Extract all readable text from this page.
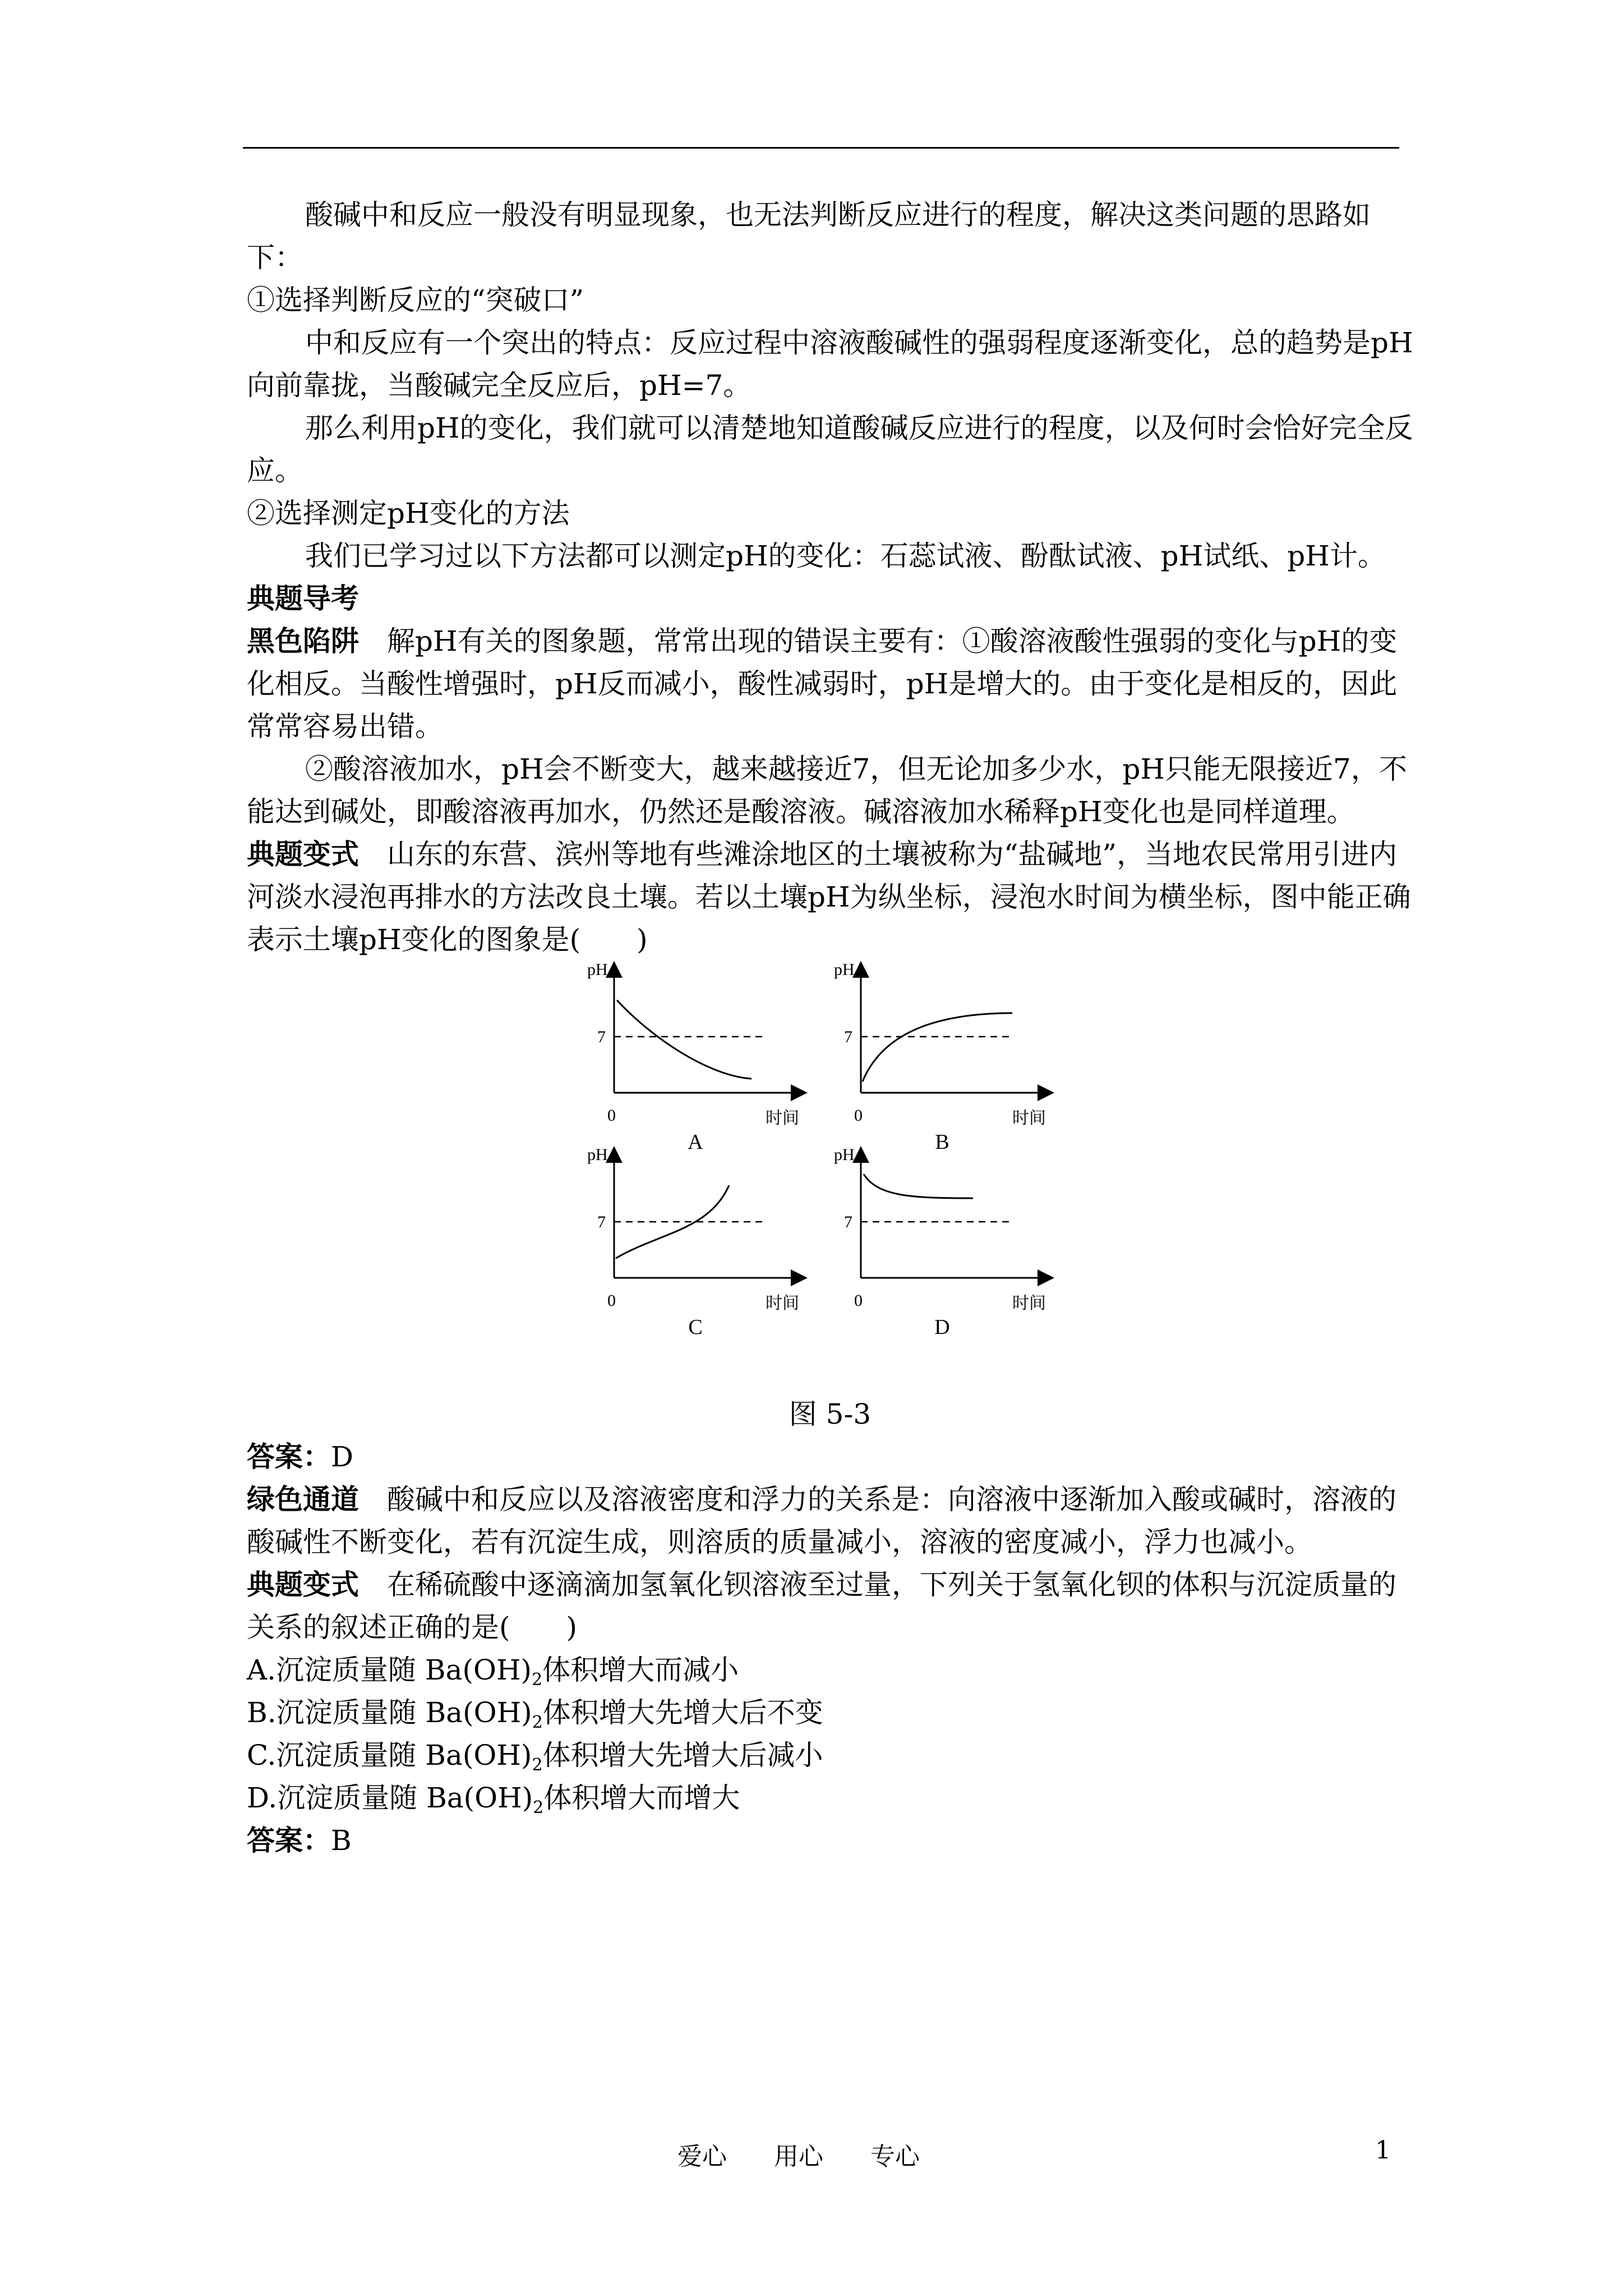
酸碱中和反应一般没有明显现象，也无法判断反应进行的程度，解决这类问题的思路如下：

①选择判断反应的“突破口”

中和反应有一个突出的特点：反应过程中溶液酸碱性的强弱程度逐渐变化，总的趋势是pH向前靠拢，当酸碱完全反应后，pH=7。

那么利用pH的变化，我们就可以清楚地知道酸碱反应进行的程度，以及何时会恰好完全反应。

②选择测定pH变化的方法

我们已学习过以下方法都可以测定pH的变化：石蕊试液、酚酞试液、pH试纸、pH计。

典题导考

黑色陷阱　 解pH有关的图象题，常常出现的错误主要有：①酸溶液酸性强弱的变化与pH的变化相反。当酸性增强时，pH反而减小，酸性减弱时，pH是增大的。由于变化是相反的，因此常常容易出错。

②酸溶液加水，pH会不断变大，越来越接近7，但无论加多少水，pH只能无限接近7，不能达到碱处，即酸溶液再加水，仍然还是酸溶液。碱溶液加水稀释pH变化也是同样道理。

典题变式　 山东的东营、滨州等地有些滩涂地区的土壤被称为“盐碱地”，当地农民常用引进内河淡水浸泡再排水的方法改良土壤。若以土壤pH为纵坐标，浸泡水时间为横坐标，图中能正确表示土壤pH变化的图象是(　　)

pH
7
0	时间
A
pH
7
0	时间
B
pH
7
0	时间
C
pH
7
0	时间
D

图 5-3

答案：D

绿色通道　 酸碱中和反应以及溶液密度和浮力的关系是：向溶液中逐渐加入酸或碱时，溶液的酸碱性不断变化，若有沉淀生成，则溶质的质量减小，溶液的密度减小，浮力也减小。

典题变式　 在稀硫酸中逐滴滴加氢氧化钡溶液至过量，下列关于氢氧化钡的体积与沉淀质量的关系的叙述正确的是(　　)

A.沉淀质量随 $Ba(OH)_2$体积增大而减小

B.沉淀质量随 $Ba(OH)_2$体积增大先增大后不变

C.沉淀质量随 $Ba(OH)_2$体积增大先增大后减小

D.沉淀质量随 $Ba(OH)_2$体积增大而增大

答案：B

爱心 用心 专心	1
